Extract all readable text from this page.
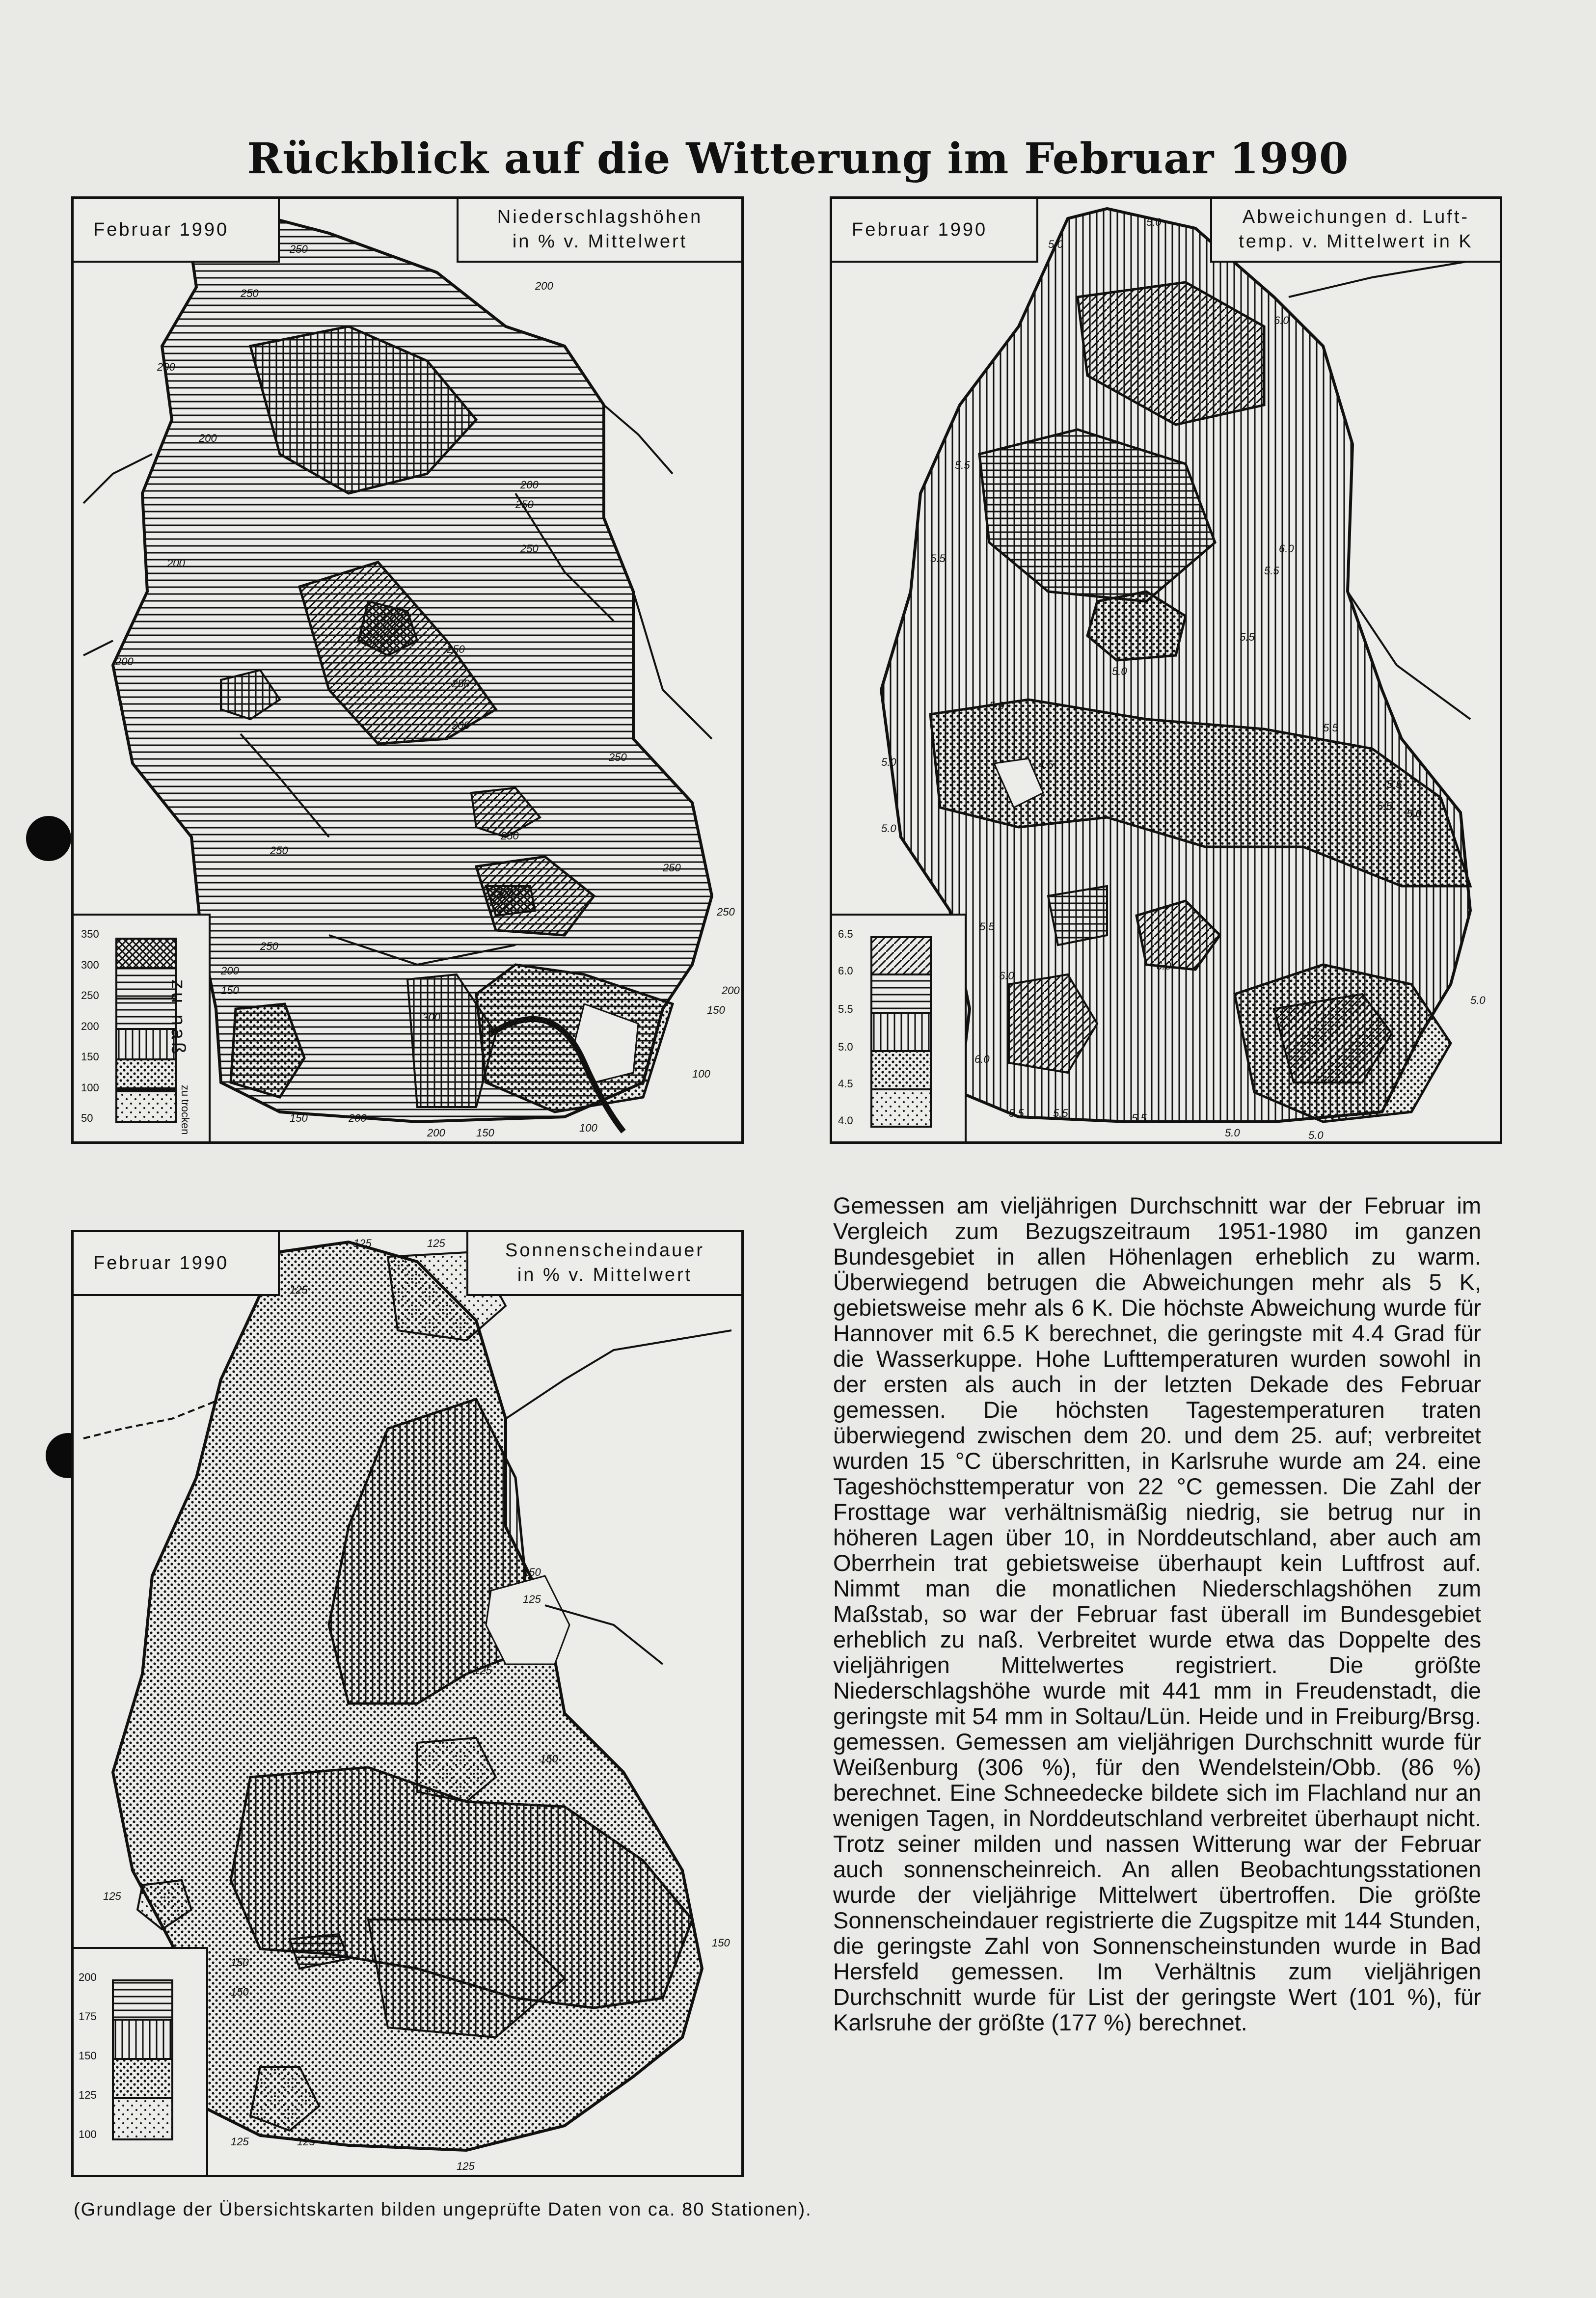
Rückblick auf die Witterung im Februar 1990
Februar 1990
Niederschlagshöhen
in % v. Mittelwert
250
250
200
200
200
250
200
250
250
250
200
200
200
250
250
250
300
250
250
300
250
200
150
150
100
100
150	200
200	150
200
350
300
250
200
150
100
50
zu naß
zu trocken
Februar 1990
Abweichungen d. Luft-
temp. v. Mittelwert in K
5.0
5.0
6.0
5.5
5.5
6.0
5.5
5.5
5.0
5.0
5.0
5.0
4.5
5.5
5.5
5.5
5.0
5.5
6.0
6.0
6.0
5.5	5.5	5.5
5.0	5.0
5.0
6.5
6.0
5.5
5.0
4.5
4.0
Februar 1990
Sonnenscheindauer
in % v. Mittelwert
125	125
125
150
125
125
150
125
150
150
150
125	125
125
200
175
150
125
100

Gemessen am vieljährigen Durchschnitt war der Februar im Vergleich zum Bezugszeitraum 1951-1980 im ganzen Bundesgebiet in allen Höhenlagen erheblich zu warm. Überwiegend betrugen die Abweichungen mehr als 5 K, gebietsweise mehr als 6 K. Die höchste Abweichung wurde für Hannover mit 6.5 K berechnet, die geringste mit 4.4 Grad für die Wasserkuppe. Hohe Lufttemperaturen wurden sowohl in der ersten als auch in der letzten Dekade des Februar gemessen. Die höchsten Tagestemperaturen traten überwiegend zwischen dem 20. und dem 25. auf; verbreitet wurden 15 °C überschritten, in Karlsruhe wurde am 24. eine Tageshöchsttemperatur von 22 °C gemessen. Die Zahl der Frosttage war verhältnismäßig niedrig, sie betrug nur in höheren Lagen über 10, in Norddeutschland, aber auch am Oberrhein trat gebietsweise überhaupt kein Luftfrost auf. Nimmt man die monatlichen Niederschlagshöhen zum Maßstab, so war der Februar fast überall im Bundesgebiet erheblich zu naß. Verbreitet wurde etwa das Doppelte des vieljährigen Mittelwertes registriert. Die größte Niederschlagshöhe wurde mit 441 mm in Freudenstadt, die geringste mit 54 mm in Soltau/Lün. Heide und in Freiburg/Brsg. gemessen. Gemessen am vieljährigen Durchschnitt wurde für Weißenburg (306 %), für den Wendelstein/Obb. (86 %) berechnet. Eine Schneedecke bildete sich im Flachland nur an wenigen Tagen, in Norddeutschland verbreitet überhaupt nicht. Trotz seiner milden und nassen Witterung war der Februar auch sonnenscheinreich. An allen Beobachtungsstationen wurde der vieljährige Mittelwert übertroffen. Die größte Sonnenscheindauer registrierte die Zugspitze mit 144 Stunden, die geringste Zahl von Sonnenscheinstunden wurde in Bad Hersfeld gemessen. Im Verhältnis zum vieljährigen Durchschnitt wurde für List der geringste Wert (101 %), für Karlsruhe der größte (177 %) berechnet.

(Grundlage der Übersichtskarten bilden ungeprüfte Daten von ca. 80 Stationen).
